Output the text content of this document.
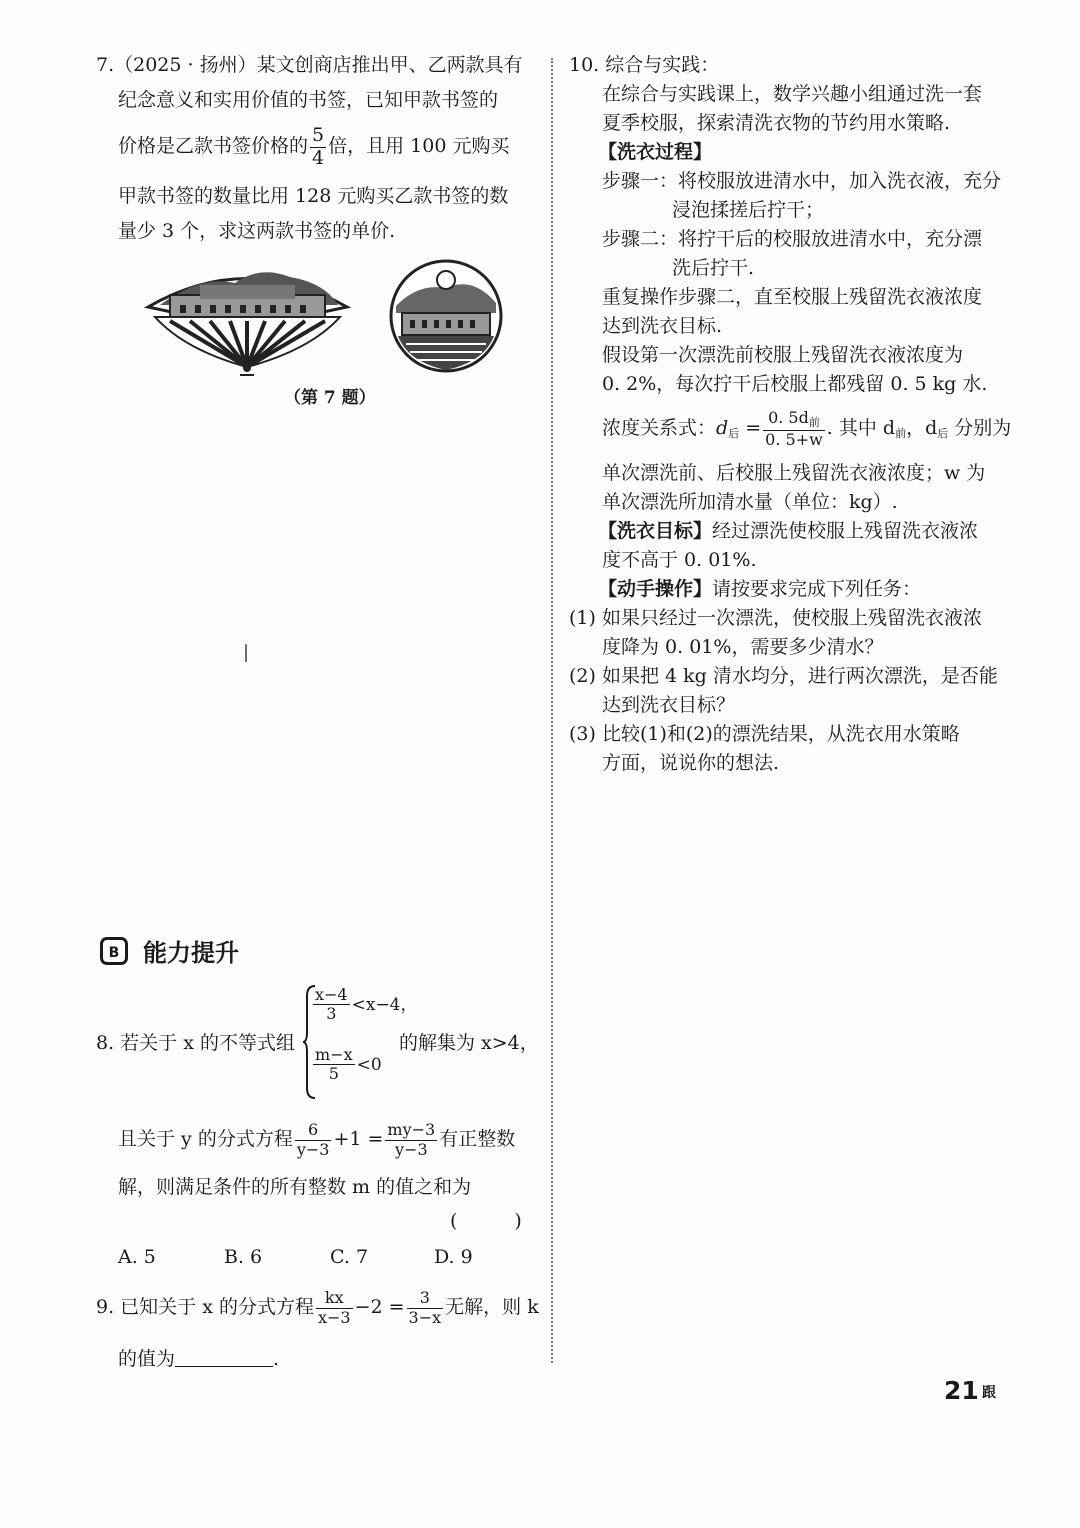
7.（2025 · 扬州）某文创商店推出甲、乙两款具有
纪念意义和实用价值的书签，已知甲款书签的
价格是乙款书签价格的 $\frac{5}{4}$ 倍，且用 100 元购买
甲款书签的数量比用 128 元购买乙款书签的数
量少 3 个，求这两款书签的单价.
（第 7 题）
|
B 能力提升
8. 若关于 x 的不等式组
$\frac{x-4}{3} <x-4$，
$\frac{m-x}{5} <0$
的解集为 x>4，
且关于 y 的分式方程 $\frac{6}{y-3} +1 = \frac{my-3}{y-3}$ 有正整数
解，则满足条件的所有整数 m 的值之和为
(　　　)
A. 5	B. 6	C. 7	D. 9
9. 已知关于 x 的分式方程 $\frac{kx}{x-3} -2 = \frac{3}{3-x}$ 无解，则 k
的值为	.
10. 综合与实践：
在综合与实践课上，数学兴趣小组通过洗一套
夏季校服，探索清洗衣物的节约用水策略.
【洗衣过程】
步骤一：将校服放进清水中，加入洗衣液，充分
浸泡揉搓后拧干；
步骤二：将拧干后的校服放进清水中，充分漂
洗后拧干.
重复操作步骤二，直至校服上残留洗衣液浓度
达到洗衣目标.
假设第一次漂洗前校服上残留洗衣液浓度为
0. 2%，每次拧干后校服上都残留 0. 5 kg 水.
浓度关系式：$d_后 = \frac{0. 5d_前}{0. 5+w}$ . 其中 $d_前$，$d_后$ 分别为
单次漂洗前、后校服上残留洗衣液浓度；w 为
单次漂洗所加清水量（单位：kg）.
【洗衣目标】经过漂洗使校服上残留洗衣液浓
度不高于 0. 01%.
【动手操作】请按要求完成下列任务：
(1) 如果只经过一次漂洗，使校服上残留洗衣液浓
度降为 0. 01%，需要多少清水？
(2) 如果把 4 kg 清水均分，进行两次漂洗，是否能
达到洗衣目标？
(3) 比较(1)和(2)的漂洗结果，从洗衣用水策略
方面，说说你的想法.
21 跟
